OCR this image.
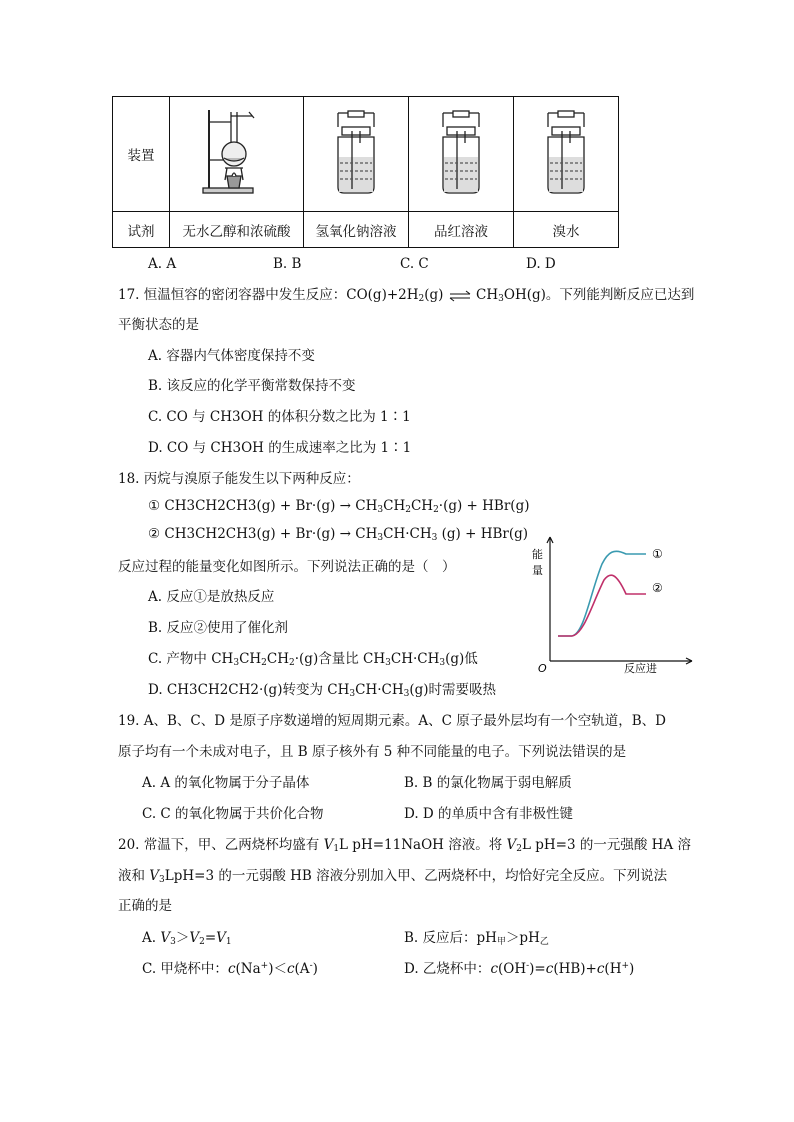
装置				
试剂	无水乙醇和浓硫酸	氢氧化钠溶液	品红溶液	溴水
A. A	B. B	C. C	D. D
17. 恒温恒容的密闭容器中发生反应：$CO(g)+2H_2(g)$ ⇌ $CH_3OH(g)$。下列能判断反应已达到
平衡状态的是
A. 容器内气体密度保持不变
B. 该反应的化学平衡常数保持不变
C. CO 与 CH3OH 的体积分数之比为 1∶1
D. CO 与 CH3OH 的生成速率之比为 1∶1
18. 丙烷与溴原子能发生以下两种反应：
① $CH3CH2CH3(g) + Br\cdot(g) \to CH_3CH_2CH_2\cdot(g) + HBr(g)$
② $CH3CH2CH3(g) + Br\cdot(g) \to CH_3CH\cdot CH_3$ (g) + HBr(g)
反应过程的能量变化如图所示。下列说法正确的是（　）
A. 反应①是放热反应
B. 反应②使用了催化剂
C. 产物中 $CH_3CH_2CH_2\cdot(g)$含量比 $CH_3CH\cdot CH_3(g)$低
D. CH3CH2CH2·(g)转变为 $CH_3CH\cdot CH_3(g)$时需要吸热
能
量
①
②
O	反应进
19. A、B、C、D 是原子序数递增的短周期元素。A、C 原子最外层均有一个空轨道，B、D
原子均有一个未成对电子，且 B 原子核外有 5 种不同能量的电子。下列说法错误的是
A. A 的氧化物属于分子晶体	B. B 的氯化物属于弱电解质
C. C 的氧化物属于共价化合物	D. D 的单质中含有非极性键
20. 常温下，甲、乙两烧杯均盛有 $V_1L$ pH=11NaOH 溶液。将 $V_2L$ pH=3 的一元强酸 HA 溶
液和 $V_3LpH=3$ 的一元弱酸 HB 溶液分别加入甲、乙两烧杯中，均恰好完全反应。下列说法
正确的是
A. $V_3>V_2=V_1$	B. 反应后：$pH_甲>pH_乙$
C. 甲烧杯中：c(Na+)＜c(A-)	D. 乙烧杯中：c(OH-)=c(HB)+c(H+)
